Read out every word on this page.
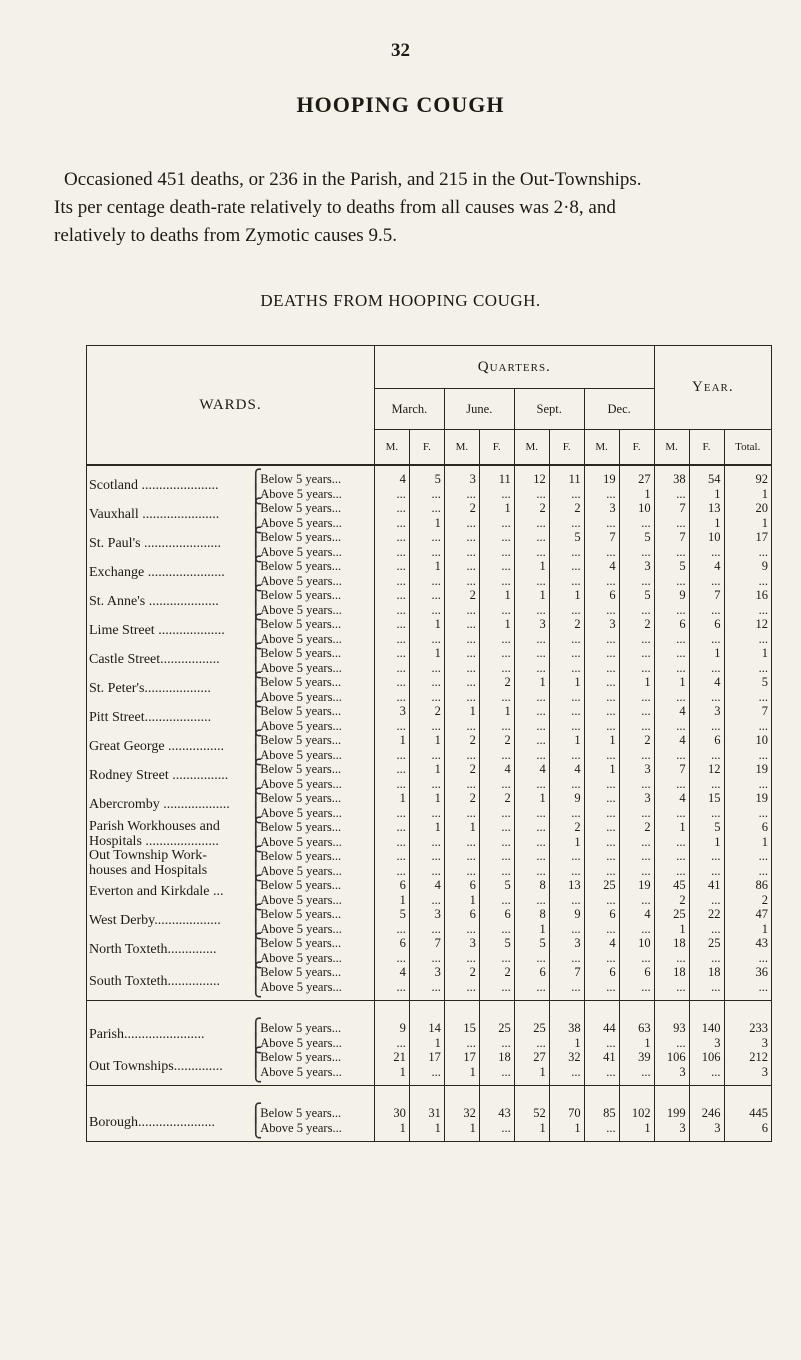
32
HOOPING COUGH

Occasioned 451 deaths, or 236 in the Parish, and 215 in the Out-Townships.

Its per centage death-rate relatively to deaths from all causes was 2·8, and
relatively to deaths from Zymotic causes 9.5.
DEATHS FROM HOOPING COUGH.
WARDS.			Quarters.								Year.		
			March.		June.		Sept.		Dec.				
			M.	F.	M.	F.	M.	F.	M.	F.	M.	F.	Total.

Scotland ......................	⎧	Below 5 years...	4	5	3	11	12	11	19	27	38	54	92
	⎩	Above 5 years...	...	...	...	...	...	...	...	1	...	1	1

Vauxhall ......................	⎧	Below 5 years...	...	...	2	1	2	2	3	10	7	13	20
	⎩	Above 5 years...	...	1	...	...	...	...	...	...	...	1	1

St. Paul's ......................	⎧	Below 5 years...	...	...	...	...	...	5	7	5	7	10	17
	⎩	Above 5 years...	...	...	...	...	...	...	...	...	...	...	...

Exchange ......................	⎧	Below 5 years...	...	1	...	...	1	...	4	3	5	4	9
	⎩	Above 5 years...	...	...	...	...	...	...	...	...	...	...	...

St. Anne's ....................	⎧	Below 5 years...	...	...	2	1	1	1	6	5	9	7	16
	⎩	Above 5 years...	...	...	...	...	...	...	...	...	...	...	...

Lime Street ...................	⎧	Below 5 years...	...	1	...	1	3	2	3	2	6	6	12
	⎩	Above 5 years...	...	...	...	...	...	...	...	...	...	...	...

Castle Street.................	⎧	Below 5 years...	...	1	...	...	...	...	...	...	...	1	1
	⎩	Above 5 years...	...	...	...	...	...	...	...	...	...	...	...

St. Peter's...................	⎧	Below 5 years...	...	...	...	2	1	1	...	1	1	4	5
	⎩	Above 5 years...	...	...	...	...	...	...	...	...	...	...	...

Pitt Street...................	⎧	Below 5 years...	3	2	1	1	...	...	...	...	4	3	7
	⎩	Above 5 years...	...	...	...	...	...	...	...	...	...	...	...

Great George ................	⎧	Below 5 years...	1	1	2	2	...	1	1	2	4	6	10
	⎩	Above 5 years...	...	...	...	...	...	...	...	...	...	...	...

Rodney Street ................	⎧	Below 5 years...	...	1	2	4	4	4	1	3	7	12	19
	⎩	Above 5 years...	...	...	...	...	...	...	...	...	...	...	...

Abercromby ...................	⎧	Below 5 years...	1	1	2	2	1	9	...	3	4	15	19
	⎩	Above 5 years...	...	...	...	...	...	...	...	...	...	...	...

Parish Workhouses and
Hospitals .....................	⎧	Below 5 years...	...	1	1	...	...	2	...	2	1	5	6
	⎩	Above 5 years...	...	...	...	...	...	1	...	...	...	1	1

Out Township Work-
houses and Hospitals	⎧	Below 5 years...	...	...	...	...	...	...	...	...	...	...	...
	⎩	Above 5 years...	...	...	...	...	...	...	...	...	...	...	...

Everton and Kirkdale ...	⎧	Below 5 years...	6	4	6	5	8	13	25	19	45	41	86
	⎩	Above 5 years...	1	...	1	...	...	...	...	...	2	...	2

West Derby...................	⎧	Below 5 years...	5	3	6	6	8	9	6	4	25	22	47
	⎩	Above 5 years...	...	...	...	...	1	...	...	...	1	...	1

North Toxteth..............	⎧	Below 5 years...	6	7	3	5	5	3	4	10	18	25	43
	⎩	Above 5 years...	...	...	...	...	...	...	...	...	...	...	...

South Toxteth...............	⎧	Below 5 years...	4	3	2	2	6	7	6	6	18	18	36
	⎩	Above 5 years...	...	...	...	...	...	...	...	...	...	...	...

Parish.......................	⎧	Below 5 years...	9	14	15	25	25	38	44	63	93	140	233
	⎩	Above 5 years...	...	1	...	...	...	1	...	1	...	3	3

Out Townships..............	⎧	Below 5 years...	21	17	17	18	27	32	41	39	106	106	212
	⎩	Above 5 years...	1	...	1	...	1	...	...	...	3	...	3

Borough......................	⎧	Below 5 years...	30	31	32	43	52	70	85	102	199	246	445
	⎩	Above 5 years...	1	1	1	...	1	1	...	1	3	3	6
